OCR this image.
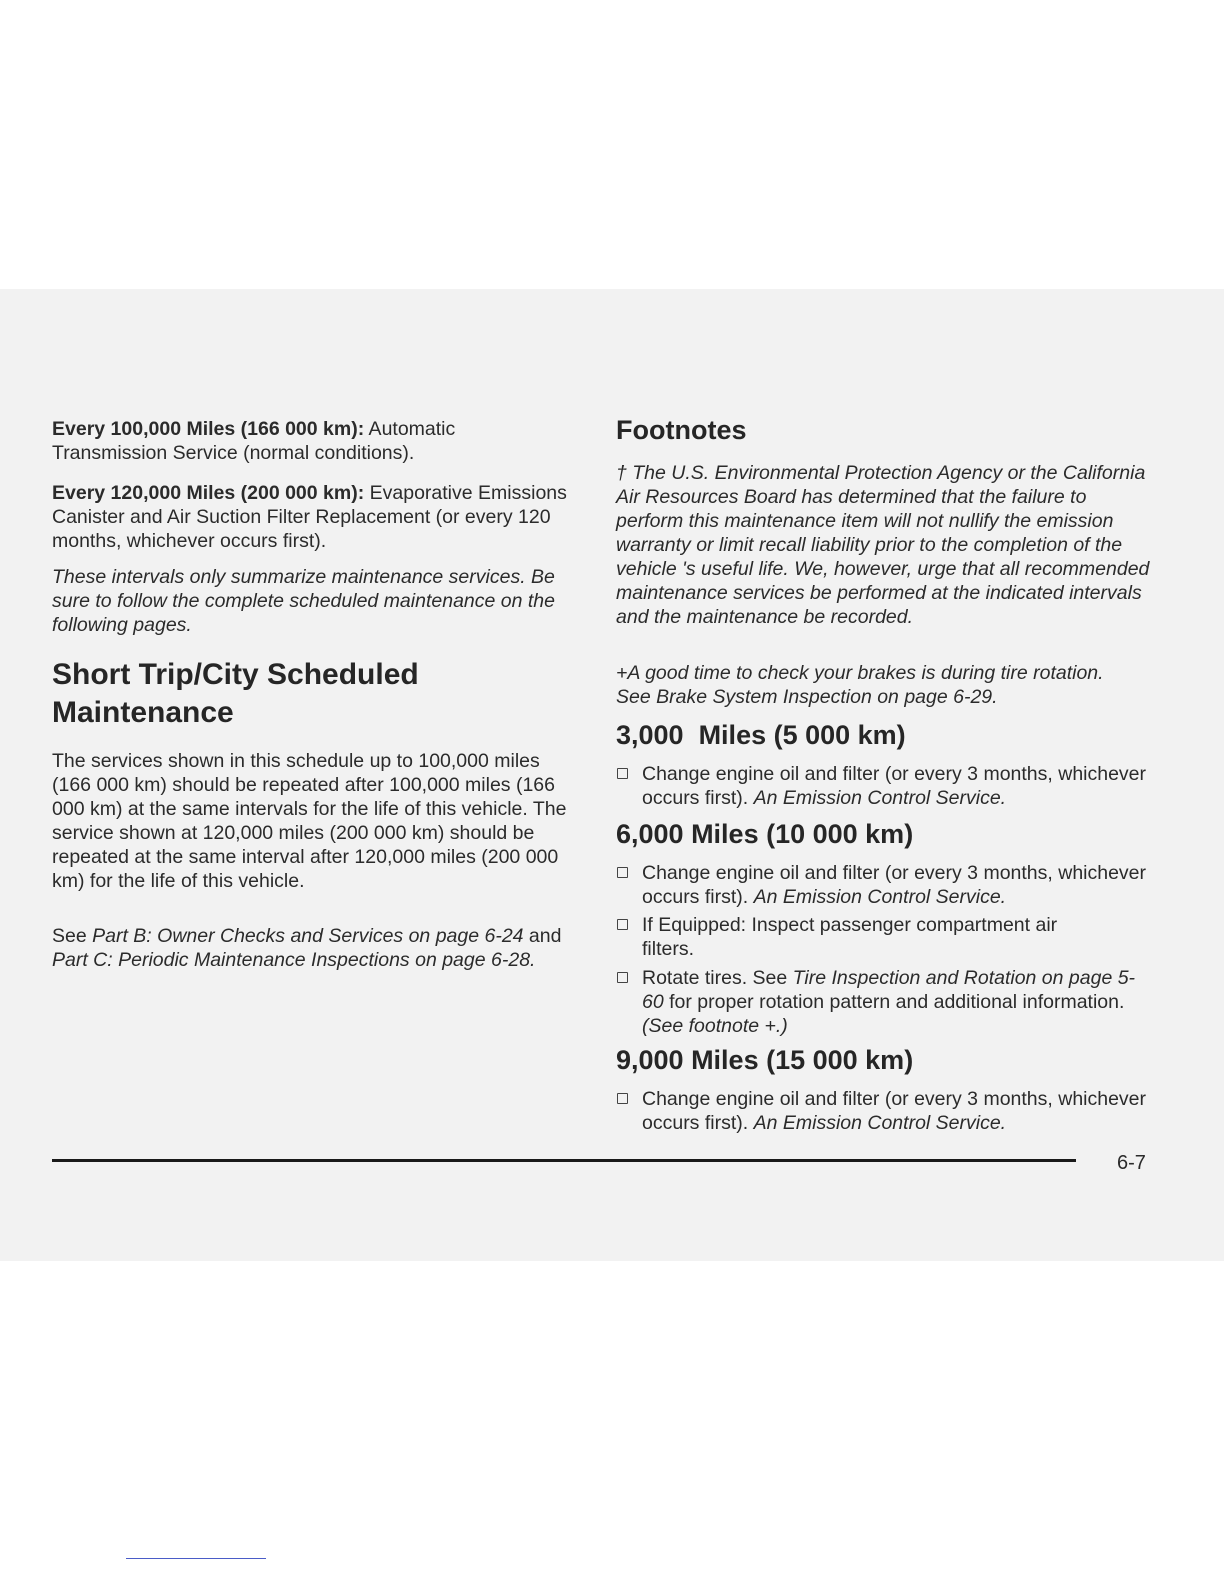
Every 100,000 Miles (166 000 km): Automatic Transmission Service (normal conditions).

Every 120,000 Miles (200 000 km): Evaporative Emissions Canister and Air Suction Filter Replacement (or every 120 months, whichever occurs first).

These intervals only summarize maintenance services. Be sure to follow the complete scheduled maintenance on the following pages.

Short Trip/City Scheduled Maintenance

The services shown in this schedule up to 100,000 miles (166 000 km) should be repeated after 100,000 miles (166 000 km) at the same intervals for the life of this vehicle. The service shown at 120,000 miles (200 000 km) should be repeated at the same interval after 120,000 miles (200 000 km) for the life of this vehicle.

See Part B: Owner Checks and Services on page 6-24 and Part C: Periodic Maintenance Inspections on page 6-28.

Footnotes

† The U.S. Environmental Protection Agency or the California Air Resources Board has determined that the failure to perform this maintenance item will not nullify the emission warranty or limit recall liability prior to the completion of the vehicle 's useful life. We, however, urge that all recommended maintenance services be performed at the indicated intervals and the maintenance be recorded.

+A good time to check your brakes is during tire rotation. See Brake System Inspection on page 6-29.

3,000  Miles (5 000 km)
Change engine oil and filter (or every 3 months, whichever occurs first). An Emission Control Service.
6,000 Miles (10 000 km)
Change engine oil and filter (or every 3 months, whichever occurs first). An Emission Control Service.
If Equipped: Inspect passenger compartment air filters.
Rotate tires. See Tire Inspection and Rotation on page 5-60 for proper rotation pattern and additional information. (See footnote +.)
9,000 Miles (15 000 km)
Change engine oil and filter (or every 3 months, whichever occurs first). An Emission Control Service.
6-7
